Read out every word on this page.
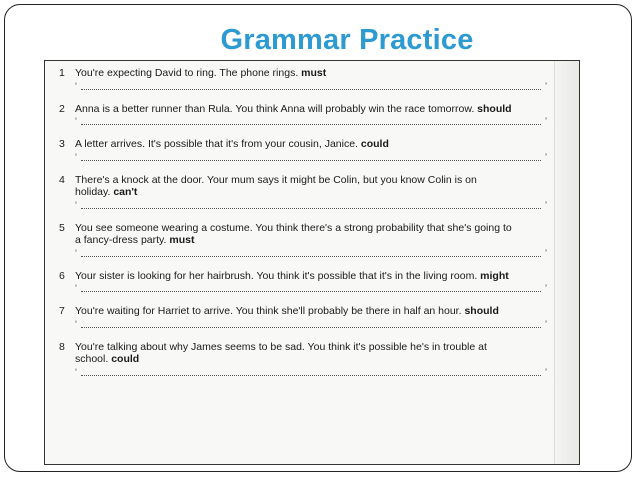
Grammar Practice
1 You're expecting David to ring. The phone rings. must
‘	’
2 Anna is a better runner than Rula. You think Anna will probably win the race tomorrow. should
‘	’
3 A letter arrives. It's possible that it's from your cousin, Janice. could
‘	’
4 There's a knock at the door. Your mum says it might be Colin, but you know Colin is on holiday. can't
‘	’
5 You see someone wearing a costume. You think there's a strong probability that she's going to a fancy-dress party. must
‘	’
6 Your sister is looking for her hairbrush. You think it's possible that it's in the living room. might
‘	’
7 You're waiting for Harriet to arrive. You think she'll probably be there in half an hour. should
‘	’
8 You're talking about why James seems to be sad. You think it's possible he's in trouble at school. could
‘	’
